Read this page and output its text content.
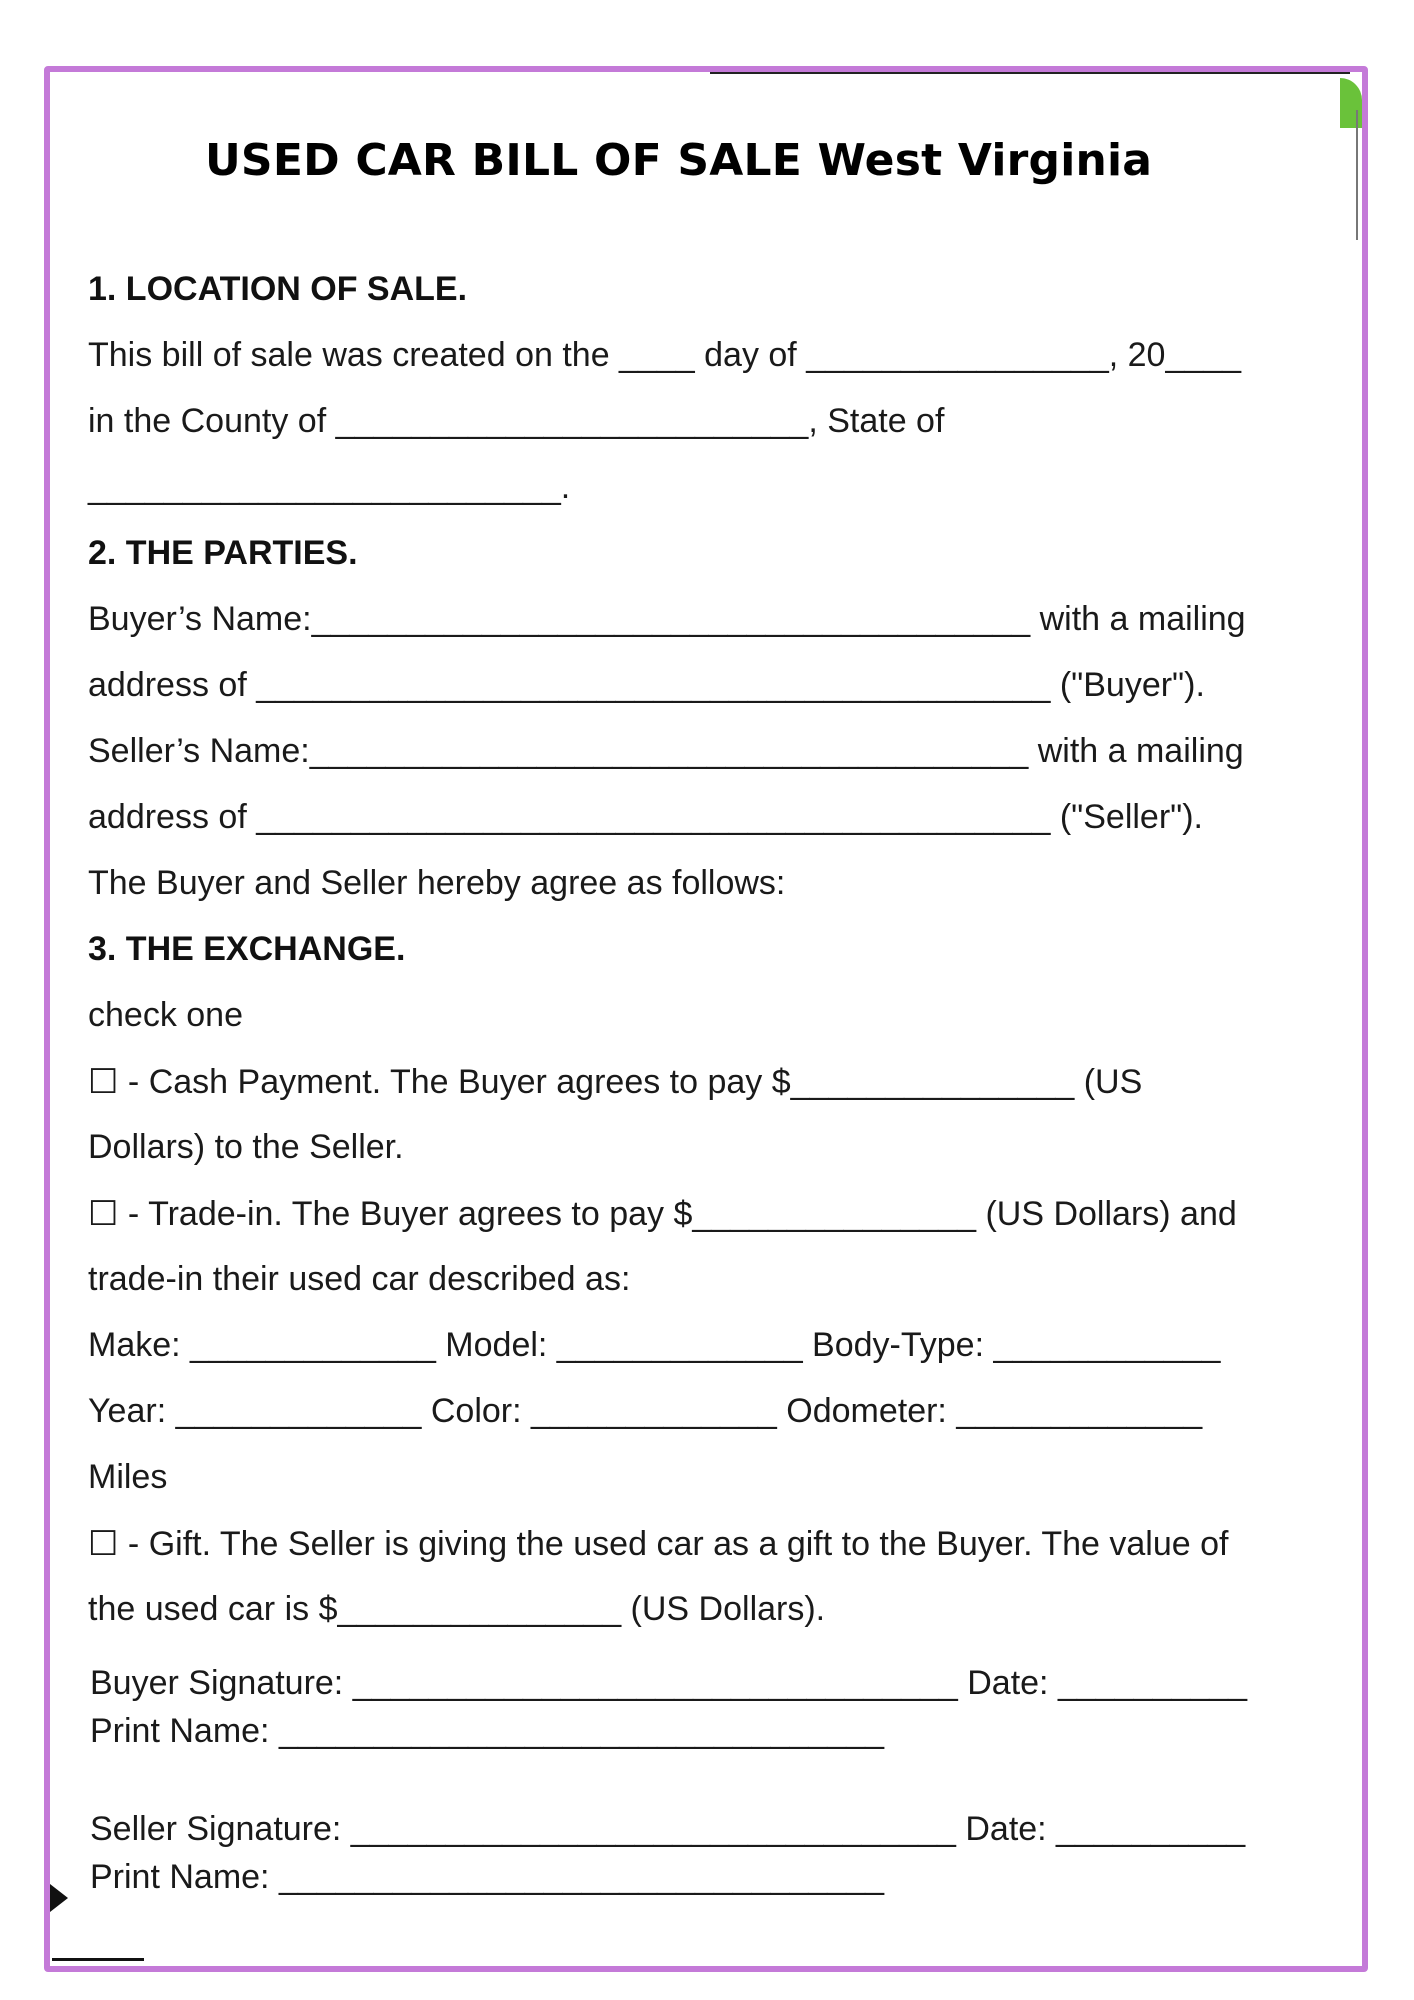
USED CAR BILL OF SALE West Virginia
1. LOCATION OF SALE.
This bill of sale was created on the ____ day of ________________, 20____
in the County of _________________________, State of
_________________________.
2. THE PARTIES.
Buyer’s Name:______________________________________ with a mailing
address of __________________________________________ ("Buyer").
Seller’s Name:______________________________________ with a mailing
address of __________________________________________ ("Seller").
The Buyer and Seller hereby agree as follows:
3. THE EXCHANGE.
check one
☐ - Cash Payment. The Buyer agrees to pay $_______________ (US
Dollars) to the Seller.
☐ - Trade-in. The Buyer agrees to pay $_______________ (US Dollars) and
trade-in their used car described as:
Make: _____________ Model: _____________ Body-Type: ____________
Year: _____________ Color: _____________ Odometer: _____________
Miles
☐ - Gift. The Seller is giving the used car as a gift to the Buyer. The value of
the used car is $_______________ (US Dollars).
Buyer Signature: ________________________________ Date: __________
Print Name: ________________________________
Seller Signature: ________________________________ Date: __________
Print Name: ________________________________
